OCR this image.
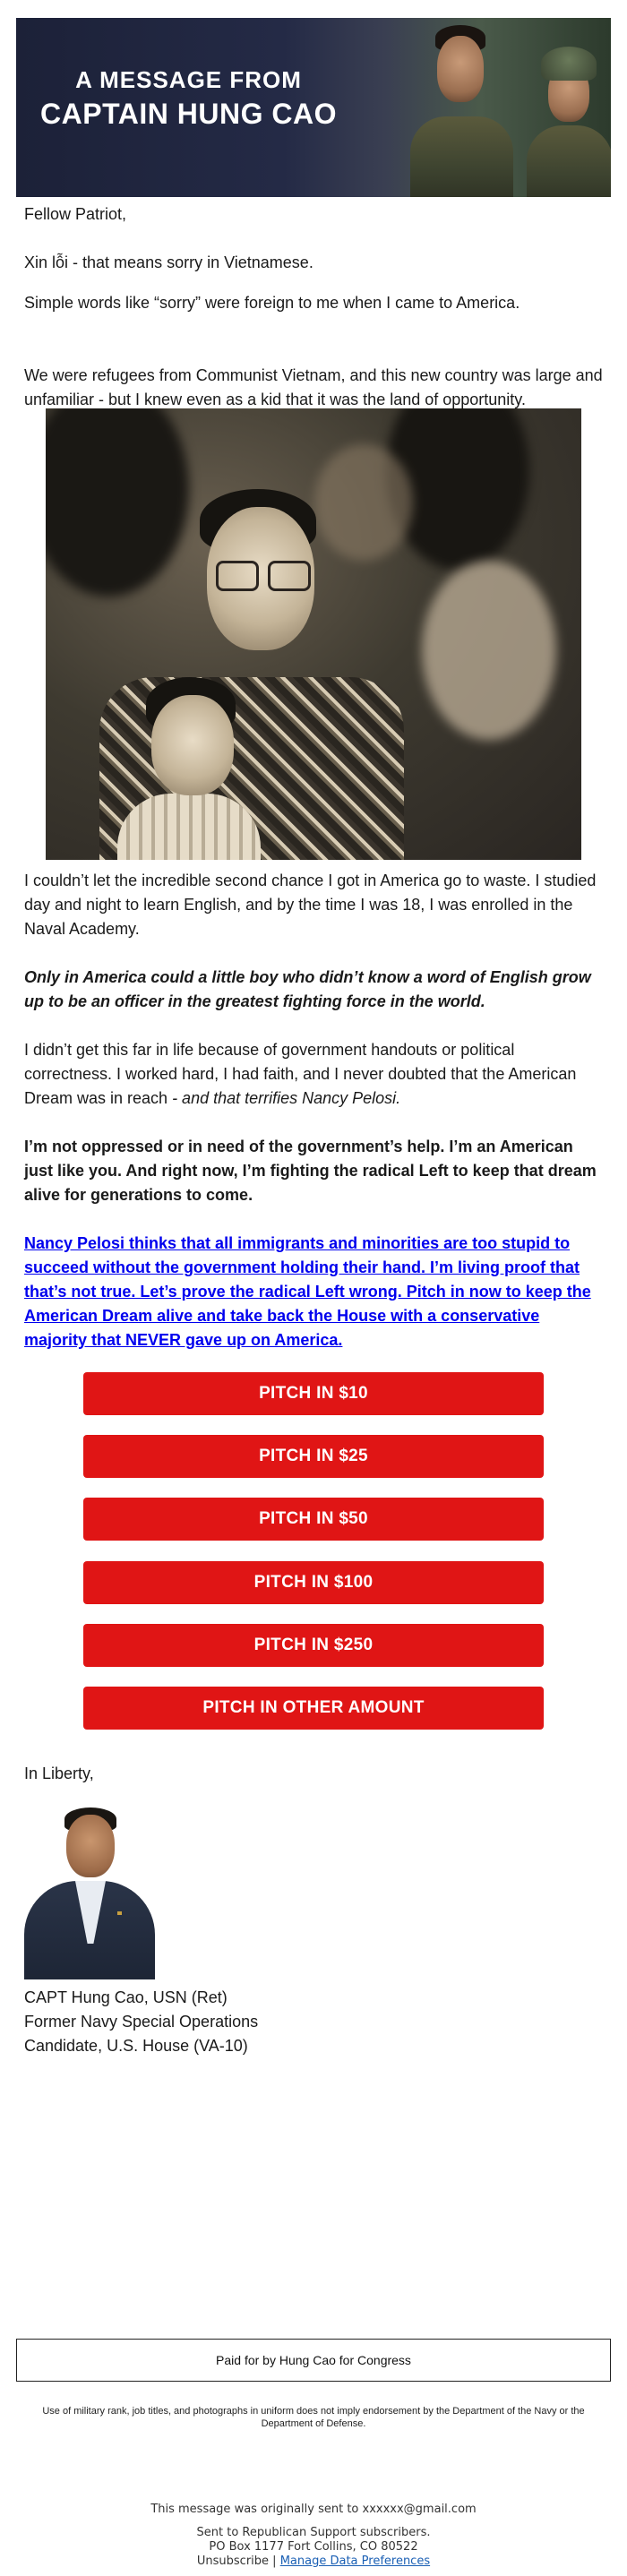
A MESSAGE FROM
CAPTAIN HUNG CAO

Fellow Patriot,

Xin lỗi - that means sorry in Vietnamese.

Simple words like “sorry” were foreign to me when I came to America.

We were refugees from Communist Vietnam, and this new country was large and unfamiliar - but I knew even as a kid that it was the land of opportunity.

I couldn’t let the incredible second chance I got in America go to waste. I studied day and night to learn English, and by the time I was 18, I was enrolled in the Naval Academy.

Only in America could a little boy who didn’t know a word of English grow up to be an officer in the greatest fighting force in the world.

I didn’t get this far in life because of government handouts or political correctness. I worked hard, I had faith, and I never doubted that the American Dream was in reach - and that terrifies Nancy Pelosi.

I’m not oppressed or in need of the government’s help. I’m an American just like you. And right now, I’m fighting the radical Left to keep that dream alive for generations to come.

Nancy Pelosi thinks that all immigrants and minorities are too stupid to succeed without the government holding their hand. I’m living proof that that’s not true. Let’s prove the radical Left wrong. Pitch in now to keep the American Dream alive and take back the House with a conservative majority that NEVER gave up on America.

PITCH IN $10
PITCH IN $25
PITCH IN $50
PITCH IN $100
PITCH IN $250
PITCH IN OTHER AMOUNT

In Liberty,

CAPT Hung Cao, USN (Ret)

Former Navy Special Operations

Candidate, U.S. House (VA-10)

Paid for by Hung Cao for Congress
Use of military rank, job titles, and photographs in uniform does not imply endorsement by the Department of the Navy or the Department of Defense.
This message was originally sent to xxxxxx@gmail.com
Sent to Republican Support subscribers.
PO Box 1177 Fort Collins, CO 80522
Unsubscribe | Manage Data Preferences
